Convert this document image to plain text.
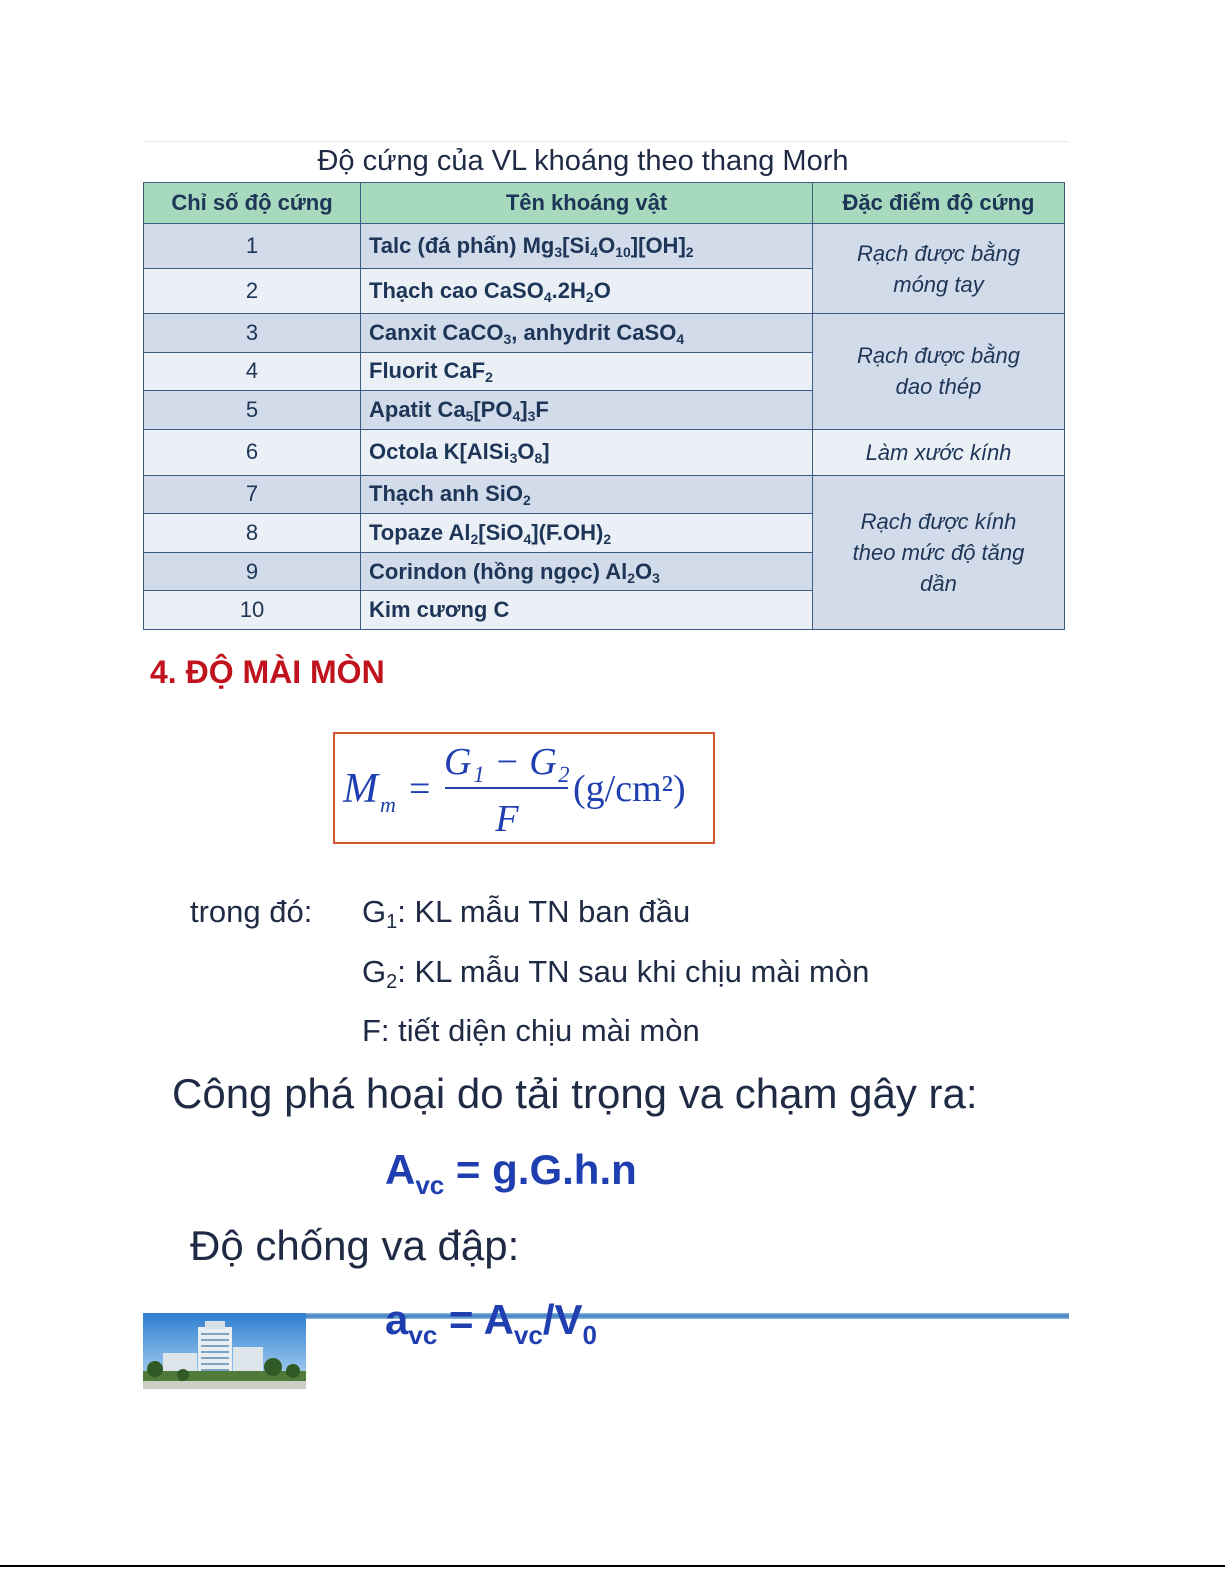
Độ cứng của VL khoáng theo thang Morh
Chỉ số độ cứng	Tên khoáng vật	Đặc điểm độ cứng
1	Talc (đá phấn) $Mg_3[Si_4O_{10}][OH]_2$	Rạch được bằng
móng tay
2	Thạch cao $CaSO_4.2H_2O$	
3	Canxit CaCO$_3$, anhydrit CaSO$_4$	Rạch được bằng
dao thép
4	Fluorit CaF$_2$
5	Apatit $Ca_5[PO_4]_3F$	
6	Octola $K[AlSi_3O_8]$	Làm xước kính
7	Thạch anh SiO$_2$	Rạch được kính
theo mức độ tăng
dần
8	Topaze $Al_2[SiO_4](F.OH)_2$
9	Corindon (hồng ngọc) $Al_2O_3$
10	Kim cương C	
4. ĐỘ MÀI MÒN
M m =
G₁ − G₂
F
(g/cm²)
trong đó: $G_1$: KL mẫu TN ban đầu
$G_2$: KL mẫu TN sau khi chịu mài mòn
F: tiết diện chịu mài mòn
Công phá hoại do tải trọng va chạm gây ra:
$A_{vc} = g.G.h.n$
Độ chống va đập:
$a_{vc} = A_{vc}/V_0$
